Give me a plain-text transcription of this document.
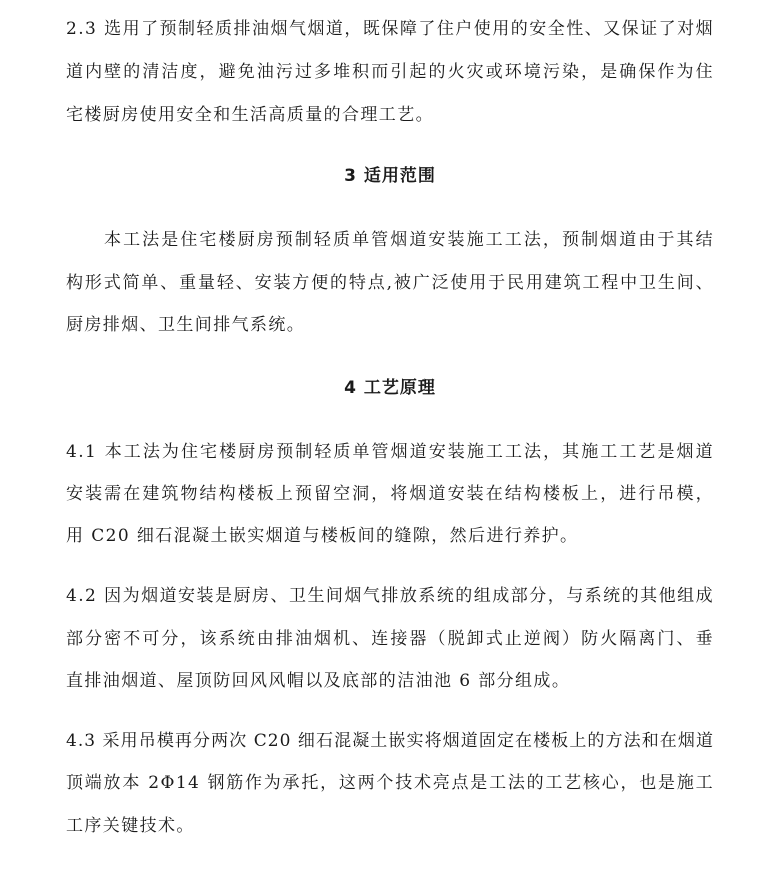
2.3 选用了预制轻质排油烟气烟道，既保障了住户使用的安全性、又保证了对烟
道内壁的清洁度，避免油污过多堆积而引起的火灾或环境污染，是确保作为住
宅楼厨房使用安全和生活高质量的合理工艺。
3 适用范围
本工法是住宅楼厨房预制轻质单管烟道安装施工工法，预制烟道由于其结
构形式简单、重量轻、安装方便的特点,被广泛使用于民用建筑工程中卫生间、
厨房排烟、卫生间排气系统。
4 工艺原理
4.1 本工法为住宅楼厨房预制轻质单管烟道安装施工工法，其施工工艺是烟道
安装需在建筑物结构楼板上预留空洞，将烟道安装在结构楼板上，进行吊模，
用 C20 细石混凝土嵌实烟道与楼板间的缝隙，然后进行养护。
4.2 因为烟道安装是厨房、卫生间烟气排放系统的组成部分，与系统的其他组成
部分密不可分，该系统由排油烟机、连接器（脱卸式止逆阀）防火隔离门、垂
直排油烟道、屋顶防回风风帽以及底部的洁油池 6 部分组成。
4.3 采用吊模再分两次 C20 细石混凝土嵌实将烟道固定在楼板上的方法和在烟道
顶端放本 2Φ14 钢筋作为承托，这两个技术亮点是工法的工艺核心，也是施工
工序关键技术。
